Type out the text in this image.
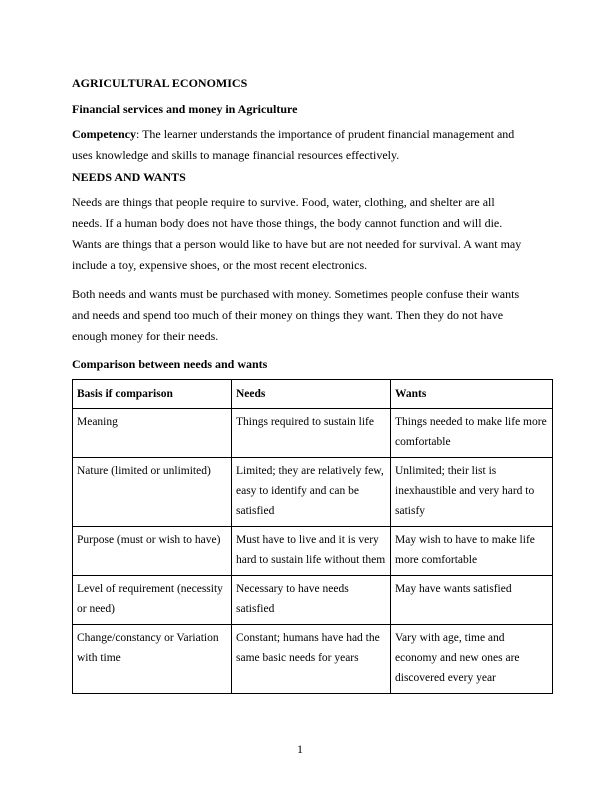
AGRICULTURAL ECONOMICS

Financial services and money in Agriculture

Competency: The learner understands the importance of prudent financial management and uses knowledge and skills to manage financial resources effectively.

NEEDS AND WANTS

Needs are things that people require to survive. Food, water, clothing, and shelter are all needs. If a human body does not have those things, the body cannot function and will die. Wants are things that a person would like to have but are not needed for survival. A want may include a toy, expensive shoes, or the most recent electronics.

Both needs and wants must be purchased with money. Sometimes people confuse their wants and needs and spend too much of their money on things they want. Then they do not have enough money for their needs.

Comparison between needs and wants

Basis if comparison	Needs	Wants
Meaning	Things required to sustain life	Things needed to make life more comfortable
Nature (limited or unlimited)	Limited; they are relatively few, easy to identify and can be satisfied	Unlimited; their list is inexhaustible and very hard to satisfy
Purpose (must or wish to have)	Must have to live and it is very hard to sustain life without them	May wish to have to make life more comfortable
Level of requirement (necessity or need)	Necessary to have needs satisfied	May have wants satisfied
Change/constancy or Variation with time	Constant; humans have had the same basic needs for years	Vary with age, time and economy and new ones are discovered every year
1
